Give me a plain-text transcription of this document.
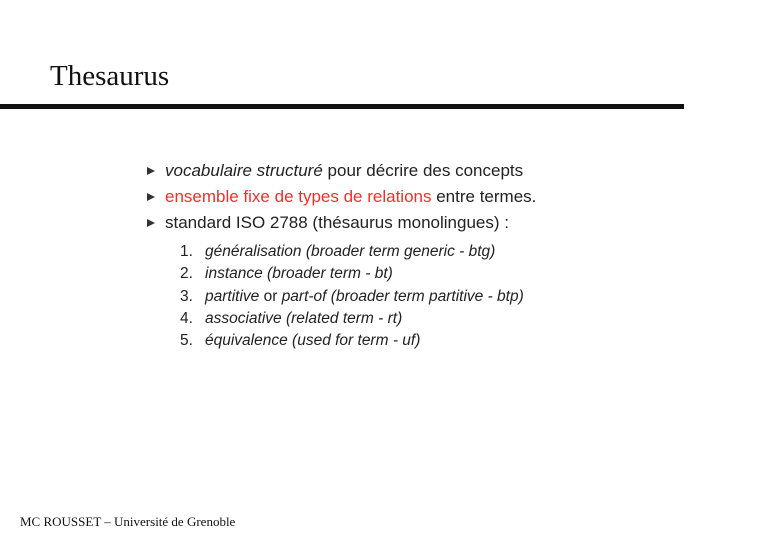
Thesaurus
vocabulaire structuré pour décrire des concepts
ensemble fixe de types de relations entre termes.
standard ISO 2788 (thésaurus monolingues) :
1. généralisation (broader term generic - btg)
2. instance (broader term - bt)
3. partitive or part-of (broader term partitive - btp)
4. associative (related term - rt)
5. équivalence (used for term - uf)
MC ROUSSET – Université de Grenoble
